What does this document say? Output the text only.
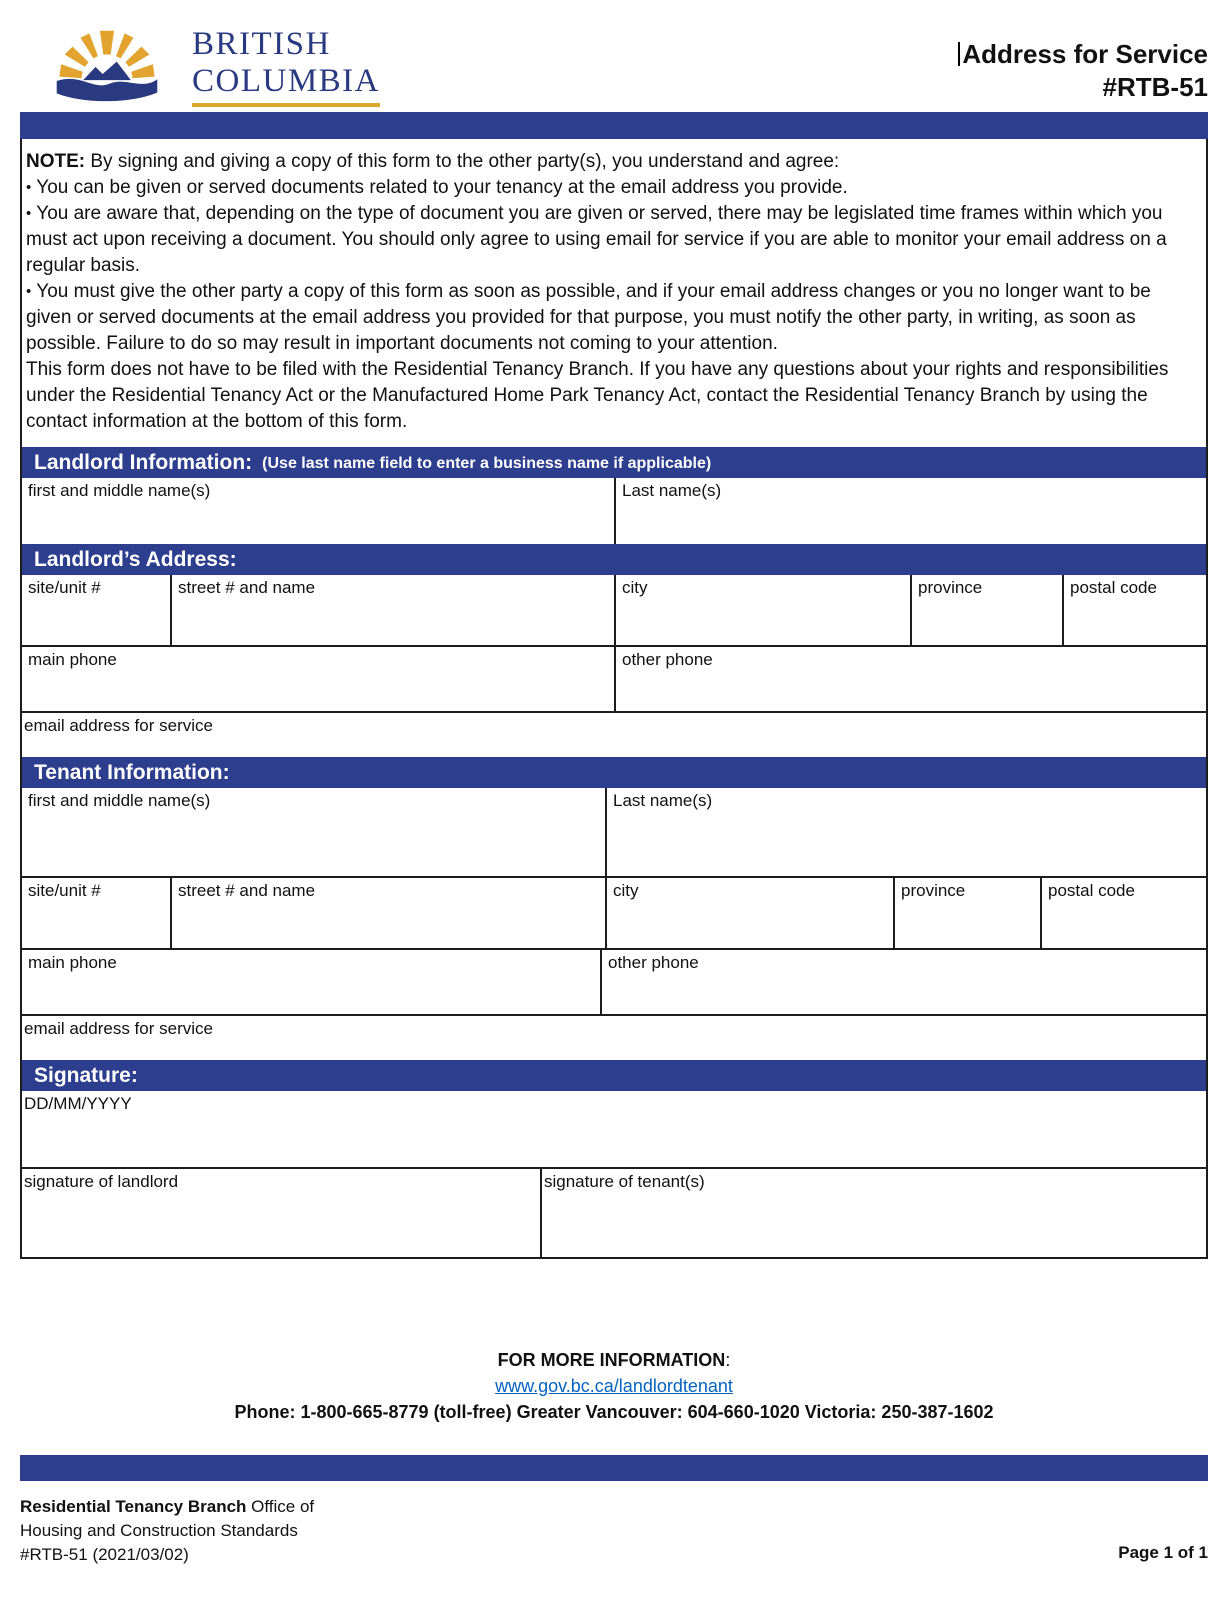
BRITISH
COLUMBIA
Address for Service
#RTB-51
NOTE: By signing and giving a copy of this form to the other party(s), you understand and agree:
• You can be given or served documents related to your tenancy at the email address you provide.
• You are aware that, depending on the type of document you are given or served, there may be legislated time frames within which you must act upon receiving a document. You should only agree to using email for service if you are able to monitor your email address on a regular basis.
• You must give the other party a copy of this form as soon as possible, and if your email address changes or you no longer want to be given or served documents at the email address you provided for that purpose, you must notify the other party, in writing, as soon as possible. Failure to do so may result in important documents not coming to your attention.
This form does not have to be filed with the Residential Tenancy Branch. If you have any questions about your rights and responsibilities under the Residential Tenancy Act or the Manufactured Home Park Tenancy Act, contact the Residential Tenancy Branch by using the contact information at the bottom of this form.
Landlord Information: (Use last name field to enter a business name if applicable)
first and middle name(s)	Last name(s)
Landlord’s Address:
site/unit #	street # and name	city	province	postal code
main phone	other phone
email address for service
Tenant Information:
first and middle name(s)	Last name(s)
site/unit #	street # and name	city	province	postal code
main phone	other phone
email address for service
Signature:
DD/MM/YYYY
signature of landlord	signature of tenant(s)
FOR MORE INFORMATION:
www.gov.bc.ca/landlordtenant
Phone: 1-800-665-8779 (toll-free) Greater Vancouver: 604-660-1020 Victoria: 250-387-1602
Residential Tenancy Branch Office of
Housing and Construction Standards
#RTB-51 (2021/03/02)	Page 1 of 1
